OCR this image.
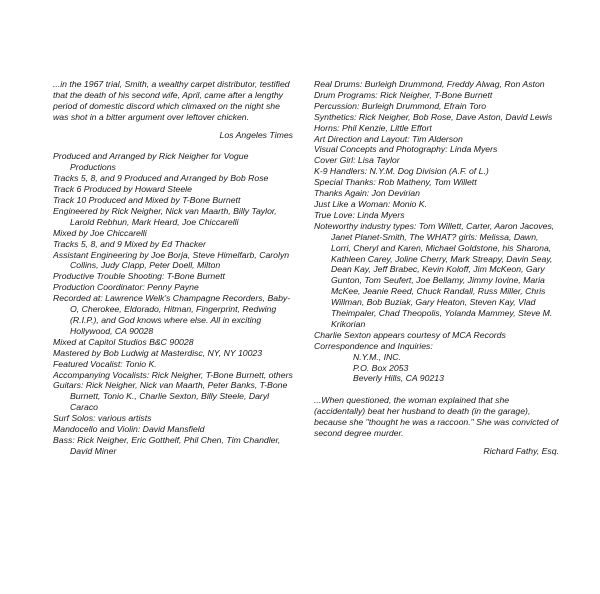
...in the 1967 trial, Smith, a wealthy carpet distributor, testified that the death of his second wife, April, came after a lengthy period of domestic discord which climaxed on the night she was shot in a bitter argument over leftover chicken.

Los Angeles Times

Produced and Arranged by Rick Neigher for Vogue Productions

Tracks 5, 8, and 9 Produced and Arranged by Bob Rose

Track 6 Produced by Howard Steele

Track 10 Produced and Mixed by T-Bone Burnett

Engineered by Rick Neigher, Nick van Maarth, Billy Taylor, Larold Rebhun, Mark Heard, Joe Chiccarelli

Mixed by Joe Chiccarelli

Tracks 5, 8, and 9 Mixed by Ed Thacker

Assistant Engineering by Joe Borja, Steve Himelfarb, Carolyn Collins, Judy Clapp, Peter Doell, Milton

Productive Trouble Shooting: T-Bone Burnett

Production Coordinator: Penny Payne

Recorded at: Lawrence Welk's Champagne Recorders, Baby-O, Cherokee, Eldorado, Hitman, Fingerprint, Redwing (R.I.P.), and God knows where else. All in exciting Hollywood, CA 90028

Mixed at Capitol Studios B&C 90028

Mastered by Bob Ludwig at Masterdisc, NY, NY 10023

Featured Vocalist: Tonio K.

Accompanying Vocalists: Rick Neigher, T-Bone Burnett, others

Guitars: Rick Neigher, Nick van Maarth, Peter Banks, T-Bone Burnett, Tonio K., Charlie Sexton, Billy Steele, Daryl Caraco

Surf Solos: various artists

Mandocello and Violin: David Mansfield

Bass: Rick Neigher, Eric Gotthelf, Phil Chen, Tim Chandler, David Miner

Real Drums: Burleigh Drummond, Freddy Alwag, Ron Aston

Drum Programs: Rick Neigher, T-Bone Burnett

Percussion: Burleigh Drummond, Efrain Toro

Synthetics: Rick Neigher, Bob Rose, Dave Aston, David Lewis

Horns: Phil Kenzie, Little Effort

Art Direction and Layout: Tim Alderson

Visual Concepts and Photography: Linda Myers

Cover Girl: Lisa Taylor

K-9 Handlers: N.Y.M. Dog Division (A.F. of L.)

Special Thanks: Rob Matheny, Tom Willett

Thanks Again: Jon Devirian

Just Like a Woman: Monio K.

True Love: Linda Myers

Noteworthy industry types: Tom Willett, Carter, Aaron Jacoves, Janet Planet-Smith, The WHAT? girls: Melissa, Dawn, Lorri, Cheryl and Karen, Michael Goldstone, his Sharona, Kathleen Carey, Joline Cherry, Mark Streapy, Davin Seay, Dean Kay, Jeff Brabec, Kevin Koloff, Jim McKeon, Gary Gunton, Tom Seufert, Joe Bellamy, Jimmy Iovine, Maria McKee, Jeanie Reed, Chuck Randall, Russ Miller, Chris Willman, Bob Buziak, Gary Heaton, Steven Kay, Vlad Theimpaler, Chad Theopolis, Yolanda Mammey, Steve M. Krikorian

Charlie Sexton appears courtesy of MCA Records

Correspondence and Inquiries:

N.Y.M., INC.

P.O. Box 2053

Beverly Hills, CA 90213

...When questioned, the woman explained that she (accidentally) beat her husband to death (in the garage), because she "thought he was a raccoon." She was convicted of second degree murder.

Richard Fathy, Esq.
